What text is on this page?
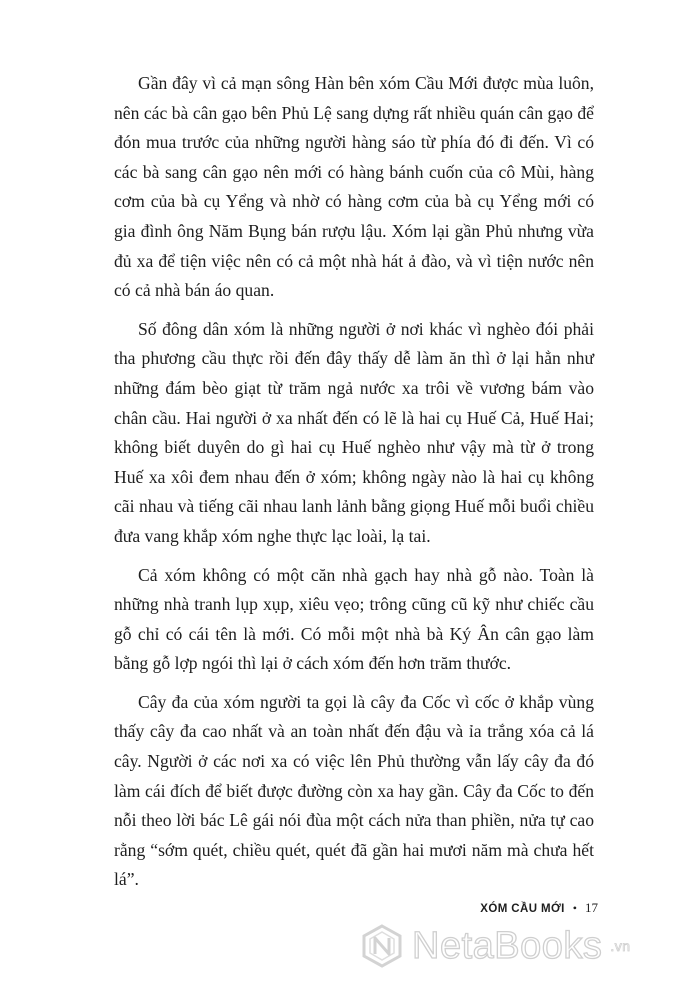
Gần đây vì cả mạn sông Hàn bên xóm Cầu Mới được mùa luôn, nên các bà cân gạo bên Phủ Lệ sang dựng rất nhiều quán cân gạo để đón mua trước của những người hàng sáo từ phía đó đi đến. Vì có các bà sang cân gạo nên mới có hàng bánh cuốn của cô Mùi, hàng cơm của bà cụ Yểng và nhờ có hàng cơm của bà cụ Yểng mới có gia đình ông Năm Bụng bán rượu lậu. Xóm lại gần Phủ nhưng vừa đủ xa để tiện việc nên có cả một nhà hát ả đào, và vì tiện nước nên có cả nhà bán áo quan.

Số đông dân xóm là những người ở nơi khác vì nghèo đói phải tha phương cầu thực rồi đến đây thấy dễ làm ăn thì ở lại hẳn như những đám bèo giạt từ trăm ngả nước xa trôi về vương bám vào chân cầu. Hai người ở xa nhất đến có lẽ là hai cụ Huế Cả, Huế Hai; không biết duyên do gì hai cụ Huế nghèo như vậy mà từ ở trong Huế xa xôi đem nhau đến ở xóm; không ngày nào là hai cụ không cãi nhau và tiếng cãi nhau lanh lảnh bằng giọng Huế mỗi buổi chiều đưa vang khắp xóm nghe thực lạc loài, lạ tai.

Cả xóm không có một căn nhà gạch hay nhà gỗ nào. Toàn là những nhà tranh lụp xụp, xiêu vẹo; trông cũng cũ kỹ như chiếc cầu gỗ chỉ có cái tên là mới. Có mỗi một nhà bà Ký Ân cân gạo làm bằng gỗ lợp ngói thì lại ở cách xóm đến hơn trăm thước.

Cây đa của xóm người ta gọi là cây đa Cốc vì cốc ở khắp vùng thấy cây đa cao nhất và an toàn nhất đến đậu và ỉa trắng xóa cả lá cây. Người ở các nơi xa có việc lên Phủ thường vẫn lấy cây đa đó làm cái đích để biết được đường còn xa hay gần. Cây đa Cốc to đến nỗi theo lời bác Lê gái nói đùa một cách nửa than phiền, nửa tự cao rằng “sớm quét, chiều quét, quét đã gần hai mươi năm mà chưa hết lá”.

XÓM CẦU MỚI • 17
NetaBooks .vn
